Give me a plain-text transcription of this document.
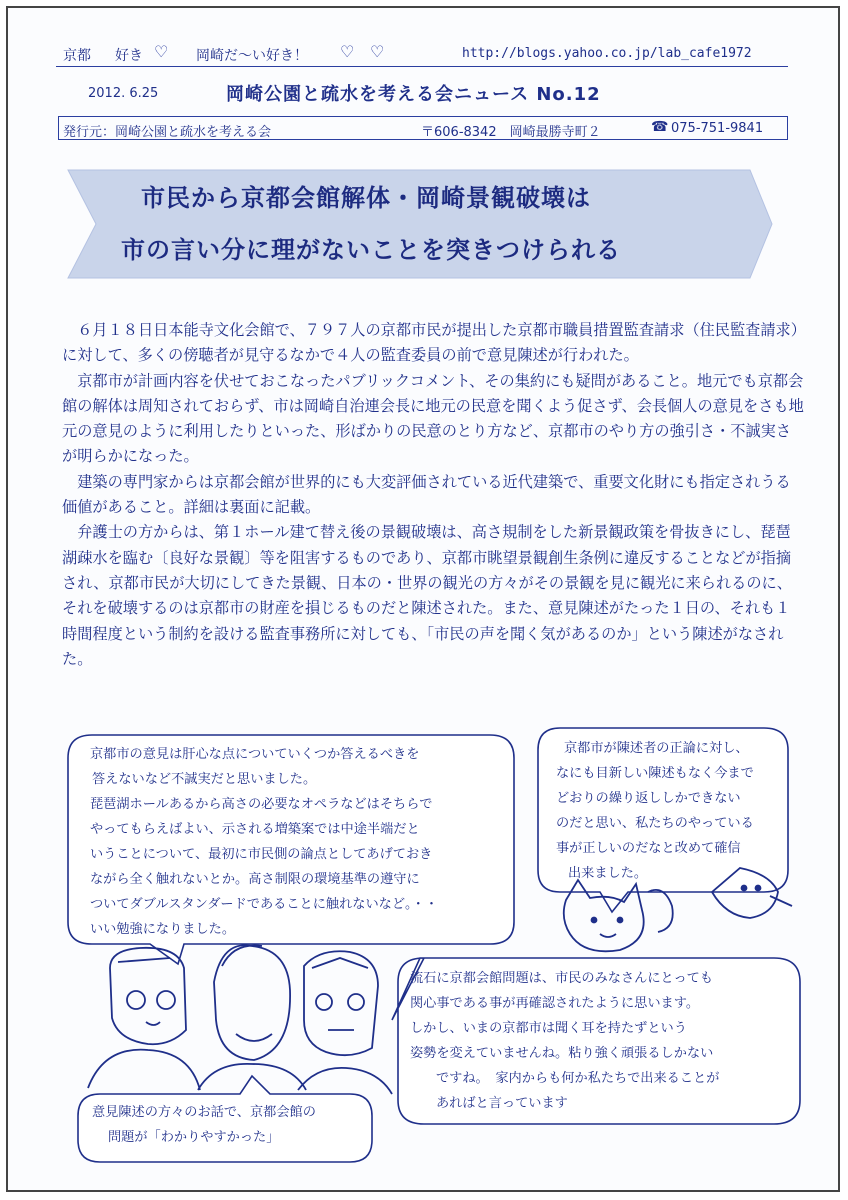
京都 好き ♡ 岡崎だ～い好き！ ♡ ♡	http://blogs.yahoo.co.jp/lab_cafe1972
2012. 6.25	岡崎公園と疏水を考える会ニュース No.12
発行元：岡崎公園と疏水を考える会	〒606-8342　岡崎最勝寺町２	☎ 075-751-9841
市民から京都会館解体・岡崎景観破壊は
市の言い分に理がないことを突きつけられる

６月１８日日本能寺文化会館で、７９７人の京都市民が提出した京都市職員措置監査請求（住民監査請求）に対して、多くの傍聴者が見守るなかで４人の監査委員の前で意見陳述が行われた。

京都市が計画内容を伏せておこなったパブリックコメント、その集約にも疑問があること。地元でも京都会館の解体は周知されておらず、市は岡崎自治連会長に地元の民意を聞くよう促さず、会長個人の意見をさも地元の意見のように利用したりといった、形ばかりの民意のとり方など、京都市のやり方の強引さ・不誠実さが明らかになった。

建築の専門家からは京都会館が世界的にも大変評価されている近代建築で、重要文化財にも指定されうる価値があること。詳細は裏面に記載。

弁護士の方からは、第１ホール建て替え後の景観破壊は、高さ規制をした新景観政策を骨抜きにし、琵琶湖疎水を臨む〔良好な景観〕等を阻害するものであり、京都市眺望景観創生条例に違反することなどが指摘され、京都市民が大切にしてきた景観、日本の・世界の観光の方々がその景観を見に観光に来られるのに、それを破壊するのは京都市の財産を損じるものだと陳述された。また、意見陳述がたった１日の、それも１時間程度という制約を設ける監査事務所に対しても、「市民の声を聞く気があるのか」という陳述がなされた。

京都市の意見は肝心な点についていくつか答えるべきを
答えないなど不誠実だと思いました。
琵琶湖ホールあるから高さの必要なオペラなどはそちらで
やってもらえばよい、示される増築案では中途半端だと
いうことについて、最初に市民側の論点としてあげておき
ながら全く触れないとか。高さ制限の環境基準の遵守に
ついてダブルスタンダードであることに触れないなど。・・
いい勉強になりました。
京都市が陳述者の正論に対し、
なにも目新しい陳述もなく今まで
どおりの繰り返ししかできない
のだと思い、私たちのやっている
事が正しいのだなと改めて確信
出来ました。
流石に京都会館問題は、市民のみなさんにとっても
関心事である事が再確認されたように思います。
しかし、いまの京都市は聞く耳を持たずという
姿勢を変えていませんね。粘り強く頑張るしかない
ですね。　家内からも何か私たちで出来ることが
あればと言っています
意見陳述の方々のお話で、京都会館の
問題が「わかりやすかった」
